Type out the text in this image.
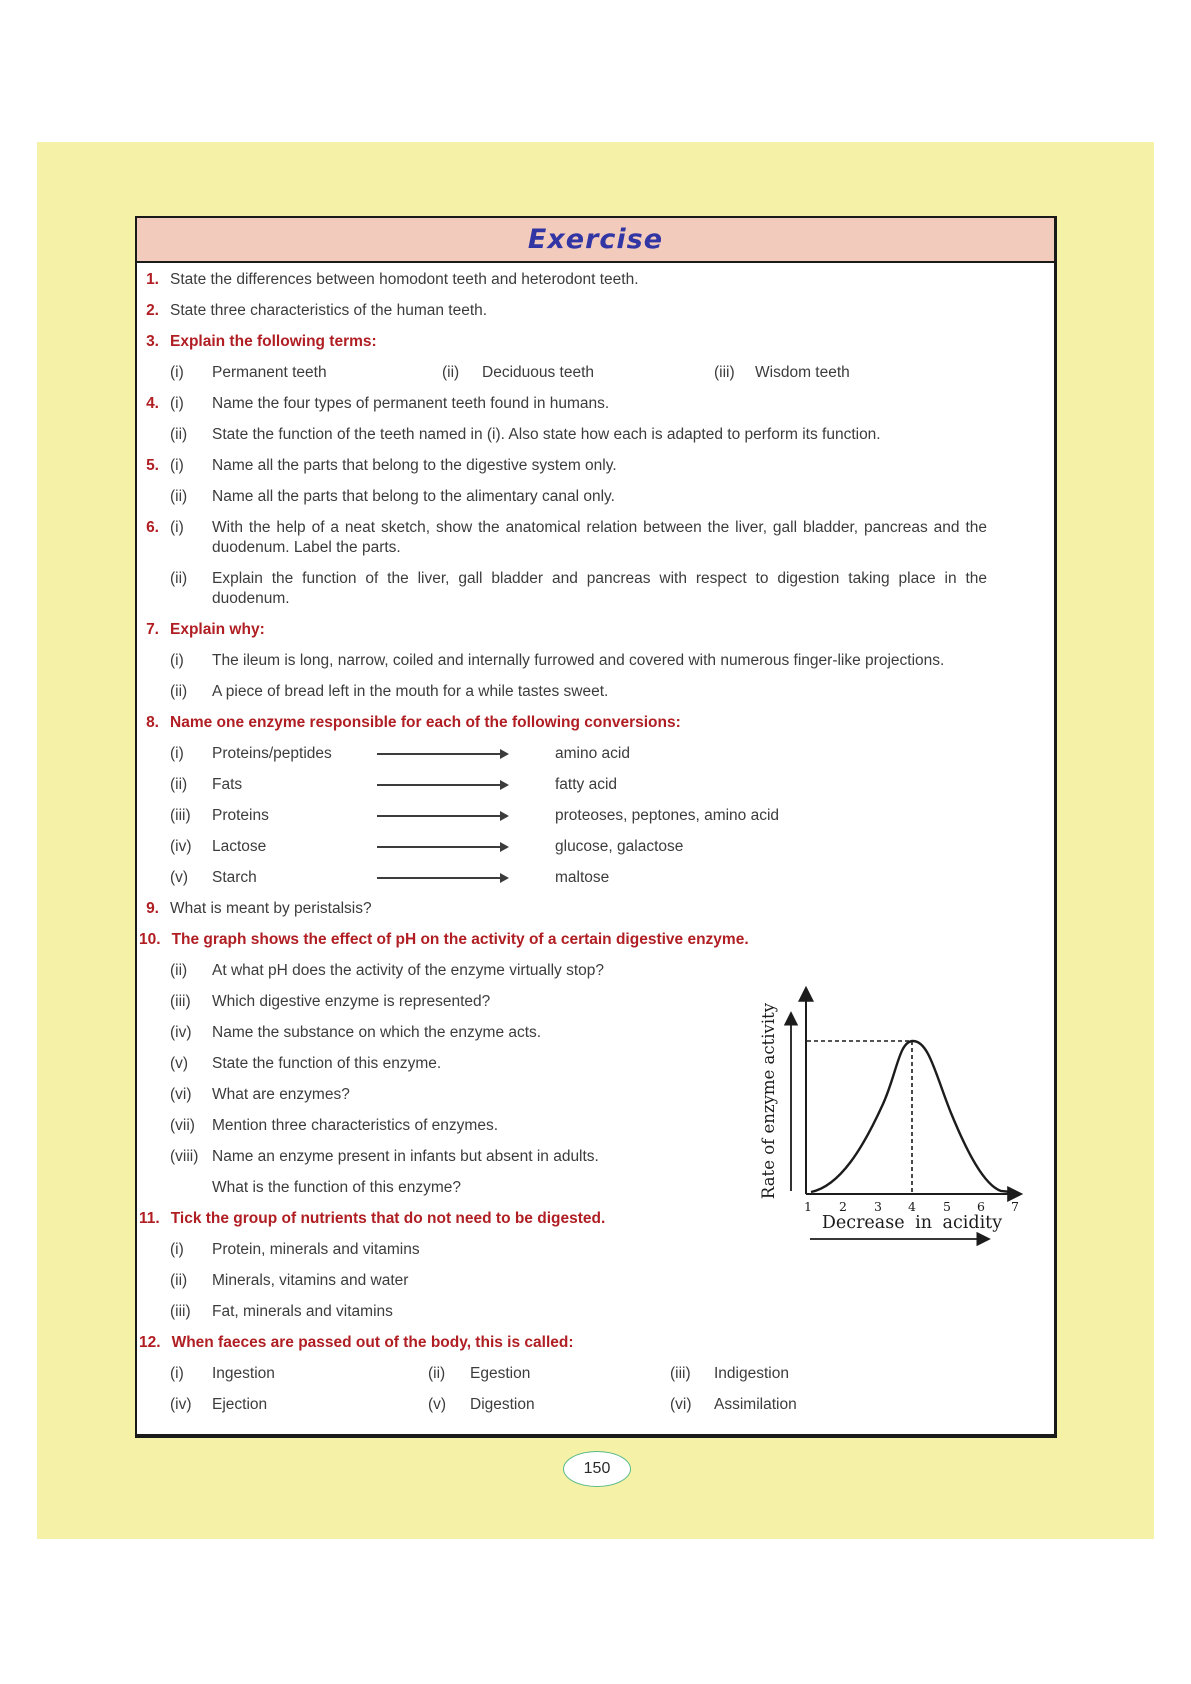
Exercise
1. State the differences between homodont teeth and heterodont teeth.
2. State three characteristics of the human teeth.
3. Explain the following terms:
(i)	Permanent teeth	(ii)	Deciduous teeth	(iii)	Wisdom teeth
4. (i)	Name the four types of permanent teeth found in humans.
(ii)	State the function of the teeth named in (i). Also state how each is adapted to perform its function.
5. (i)	Name all the parts that belong to the digestive system only.
(ii)	Name all the parts that belong to the alimentary canal only.
6. (i)	With the help of a neat sketch, show the anatomical relation between the liver, gall bladder, pancreas and the duodenum. Label the parts.
(ii)	Explain the function of the liver, gall bladder and pancreas with respect to digestion taking place in the duodenum.
7. Explain why:
(i)	The ileum is long, narrow, coiled and internally furrowed and covered with numerous finger-like projections.
(ii)	A piece of bread left in the mouth for a while tastes sweet.
8. Name one enzyme responsible for each of the following conversions:
(i)	Proteins/peptides	amino acid
(ii)	Fats	fatty acid
(iii)	Proteins	proteoses, peptones, amino acid
(iv)	Lactose	glucose, galactose
(v)	Starch	maltose
9. What is meant by peristalsis?
10. The graph shows the effect of pH on the activity of a certain digestive enzyme.
(ii)	At what pH does the activity of the enzyme virtually stop?
(iii)	Which digestive enzyme is represented?
(iv)	Name the substance on which the enzyme acts.
(v)	State the function of this enzyme.
(vi)	What are enzymes?
(vii)	Mention three characteristics of enzymes.
(viii) Name an enzyme present in infants but absent in adults.
What is the function of this enzyme?
11. Tick the group of nutrients that do not need to be digested.
(i)	Protein, minerals and vitamins
(ii)	Minerals, vitamins and water
(iii)	Fat, minerals and vitamins
12. When faeces are passed out of the body, this is called:
(i)	Ingestion	(ii)	Egestion	(iii)	Indigestion
(iv)	Ejection	(v)	Digestion	(vi)	Assimilation
Rate of enzyme activity
1 2 3 4 5 6 7
Decrease in acidity
150
